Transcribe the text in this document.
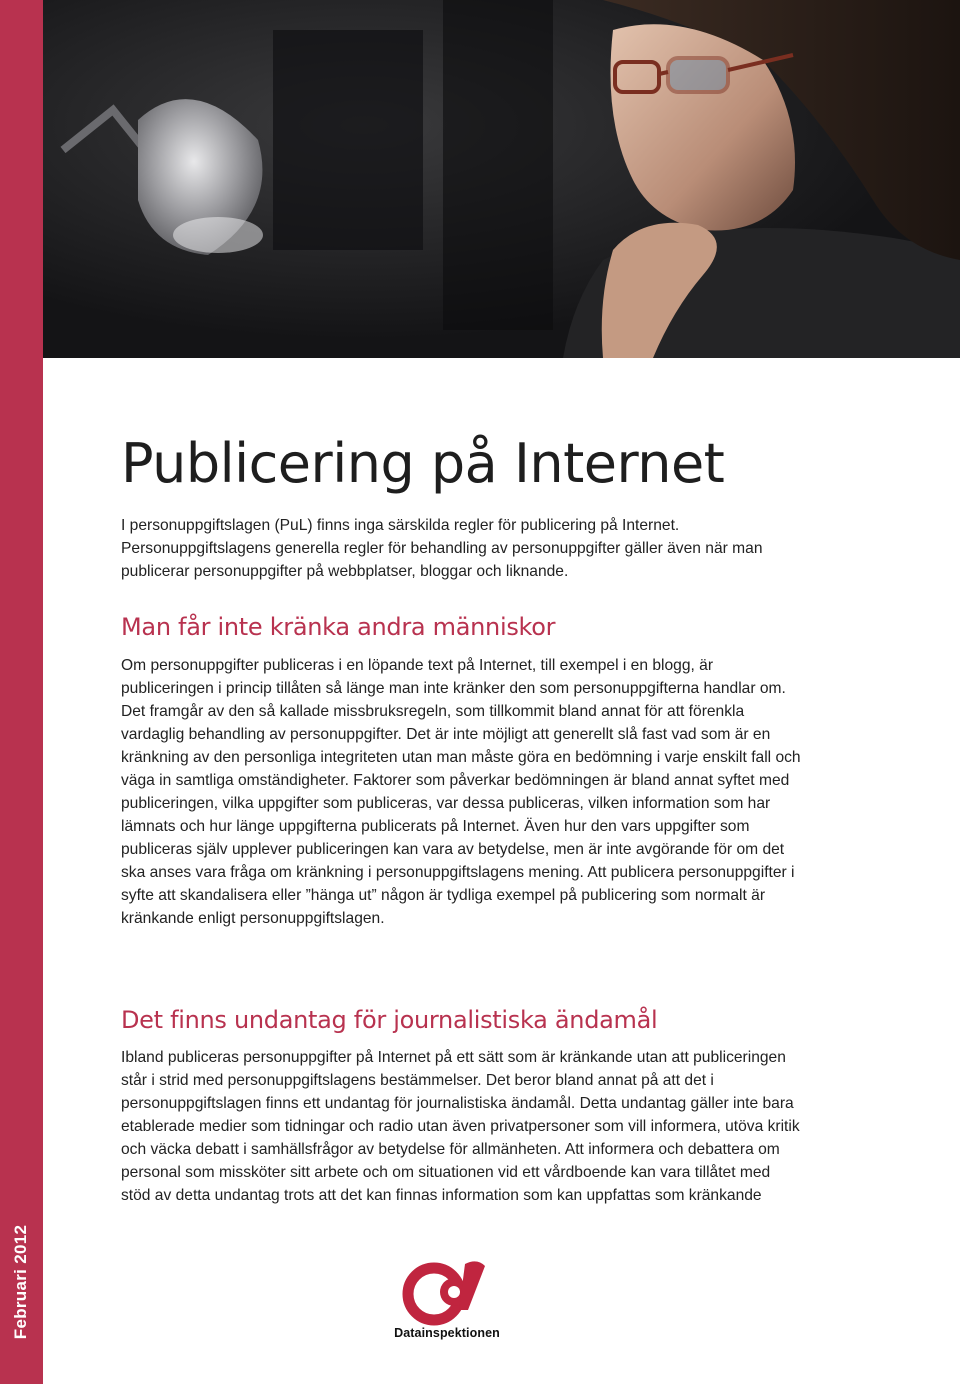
Februari 2012
Publicering på Internet

I personuppgiftslagen (PuL) finns inga särskilda regler för publicering på Internet. Personuppgiftslagens generella regler för behandling av personuppgifter gäller även när man publicerar personuppgifter på webbplatser, bloggar och liknande.

Man får inte kränka andra människor

Om personuppgifter publiceras i en löpande text på Internet, till exempel i en blogg, är publiceringen i princip tillåten så länge man inte kränker den som personuppgifterna handlar om. Det framgår av den så kallade missbruksregeln, som tillkommit bland annat för att förenkla vardaglig behandling av personuppgifter. Det är inte möjligt att generellt slå fast vad som är en kränkning av den personliga integriteten utan man måste göra en bedömning i varje enskilt fall och väga in samtliga omständigheter. Faktorer som påverkar bedömningen är bland annat syftet med publiceringen, vilka uppgifter som publiceras, var dessa publiceras, vilken information som har lämnats och hur länge uppgifterna publicerats på Internet. Även hur den vars uppgifter som publiceras själv upplever publiceringen kan vara av betydelse, men är inte avgörande för om det ska anses vara fråga om kränkning i personuppgiftslagens mening. Att publicera personuppgifter i syfte att skandalisera eller ”hänga ut” någon är tydliga exempel på publicering som normalt är kränkande enligt personuppgiftslagen.

Det finns undantag för journalistiska ändamål

Ibland publiceras personuppgifter på Internet på ett sätt som är kränkande utan att publiceringen står i strid med personuppgiftslagens bestämmelser. Det beror bland annat på att det i personuppgiftslagen finns ett undantag för journalistiska ändamål. Detta undantag gäller inte bara etablerade medier som tidningar och radio utan även privatpersoner som vill informera, utöva kritik och väcka debatt i samhällsfrågor av betydelse för allmänheten. Att informera och debattera om personal som missköter sitt arbete och om situationen vid ett vårdboende kan vara tillåtet med stöd av detta undantag trots att det kan finnas information som kan uppfattas som kränkande

Datainspektionen
